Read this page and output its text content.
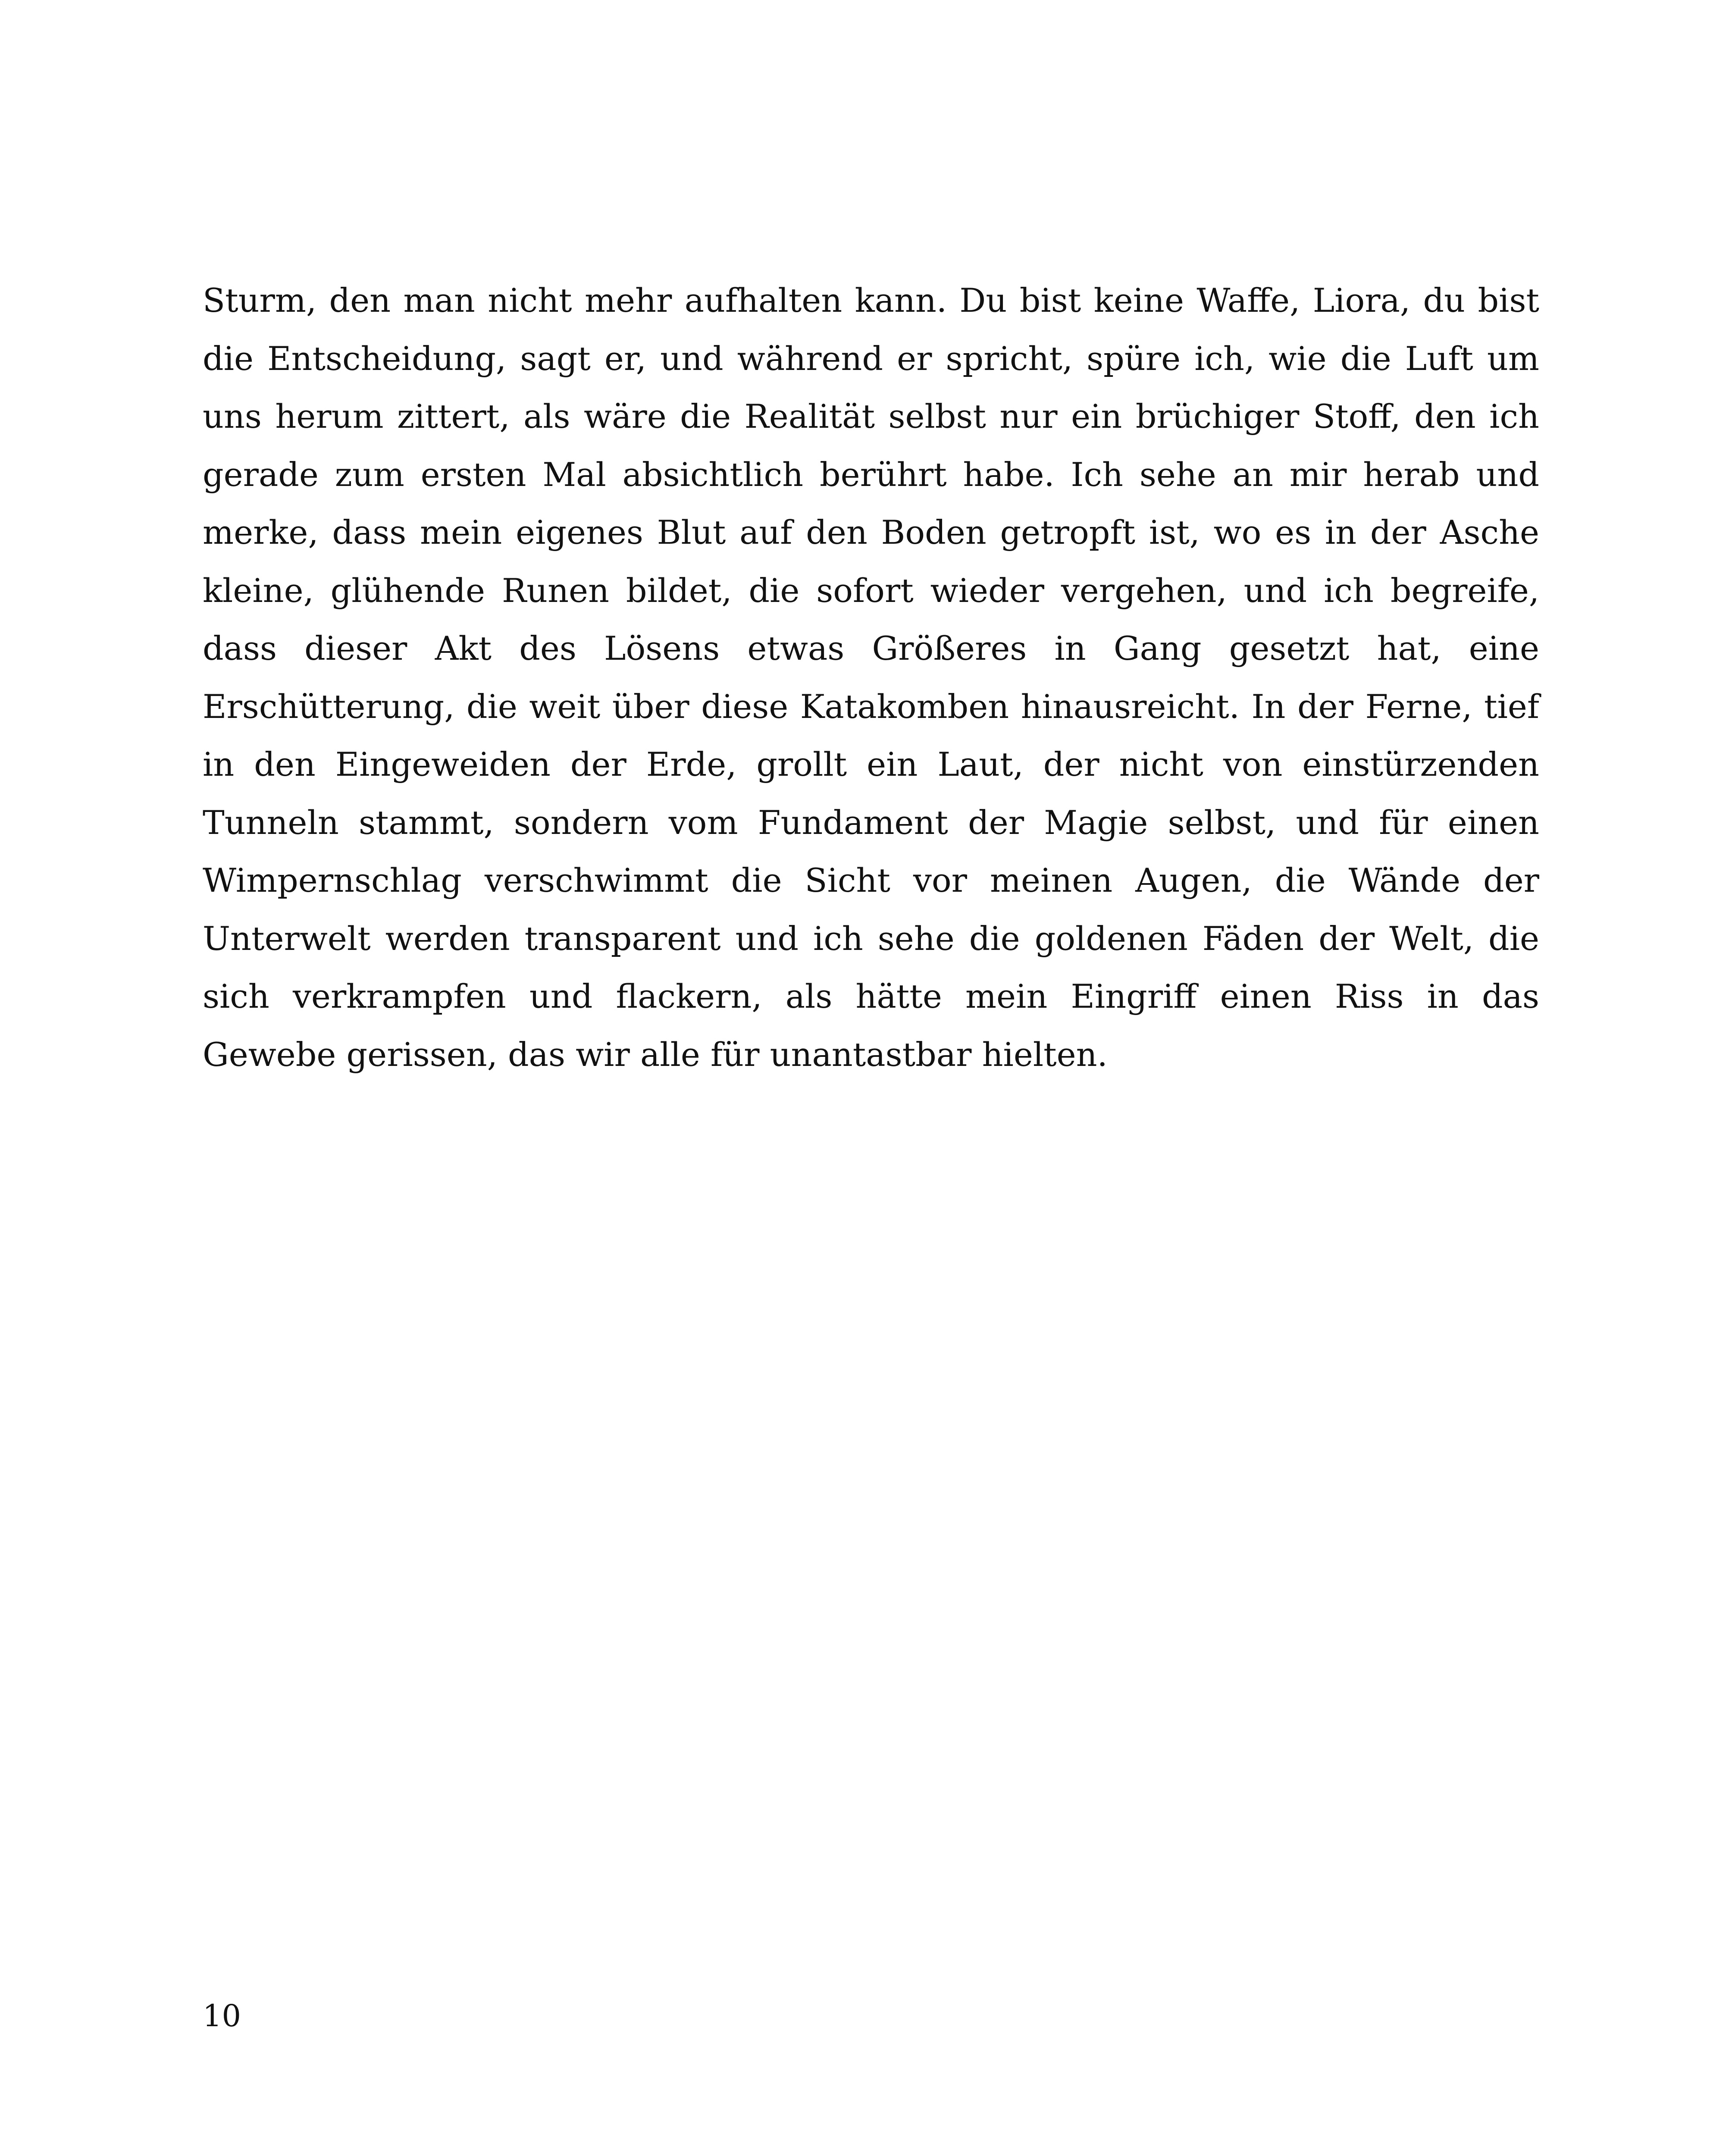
Sturm, den man nicht mehr aufhalten kann. Du bist keine Waffe, Liora, du bist die Entscheidung, sagt er, und während er spricht, spüre ich, wie die Luft um uns herum zittert, als wäre die Realität selbst nur ein brüchiger Stoff, den ich gerade zum ersten Mal absichtlich berührt habe. Ich sehe an mir herab und merke, dass mein eigenes Blut auf den Boden getropft ist, wo es in der Asche kleine, glühende Runen bildet, die sofort wieder vergehen, und ich begreife, dass dieser Akt des Lösens etwas Größeres in Gang gesetzt hat, eine Erschütterung, die weit über diese Katakomben hinausreicht. In der Ferne, tief in den Eingeweiden der Erde, grollt ein Laut, der nicht von einstürzenden Tunneln stammt, sondern vom Fundament der Magie selbst, und für einen Wimpernschlag verschwimmt die Sicht vor meinen Augen, die Wände der Unterwelt werden transparent und ich sehe die goldenen Fäden der Welt, die sich verkrampfen und flackern, als hätte mein Eingriff einen Riss in das Gewebe gerissen, das wir alle für unantastbar hielten.

10
